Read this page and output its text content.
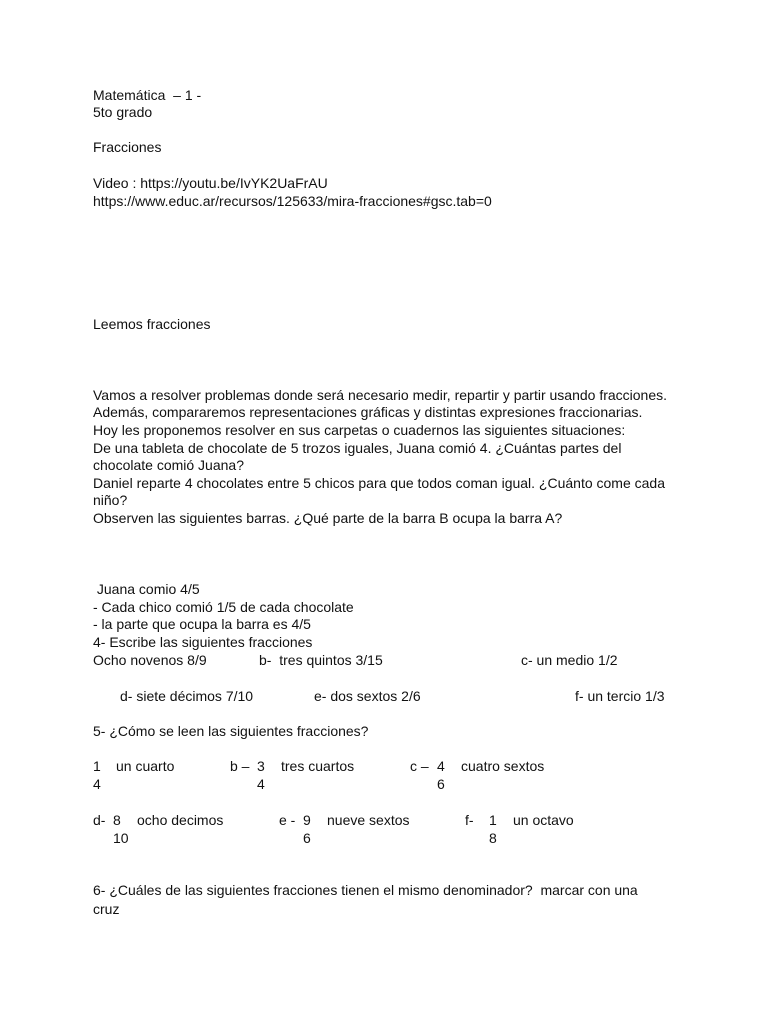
Matemática  – 1 -
5to grado
Fracciones
Video : https://youtu.be/IvYK2UaFrAU
https://www.educ.ar/recursos/125633/mira-fracciones#gsc.tab=0
Leemos fracciones
Vamos a resolver problemas donde será necesario medir, repartir y partir usando fracciones.
Además, compararemos representaciones gráficas y distintas expresiones fraccionarias.
Hoy les proponemos resolver en sus carpetas o cuadernos las siguientes situaciones:
De una tableta de chocolate de 5 trozos iguales, Juana comió 4. ¿Cuántas partes del
chocolate comió Juana?
Daniel reparte 4 chocolates entre 5 chicos para que todos coman igual. ¿Cuánto come cada
niño?
Observen las siguientes barras. ¿Qué parte de la barra B ocupa la barra A?
Juana comio 4/5
- Cada chico comió 1/5 de cada chocolate
- la parte que ocupa la barra es 4/5
4- Escribe las siguientes fracciones
Ocho novenos 8/9	b-  tres quintos 3/15	c- un medio 1/2
d- siete décimos 7/10	e- dos sextos 2/6	f- un tercio 1/3
5- ¿Cómo se leen las siguientes fracciones?
1 un cuarto
4
b – 3 tres cuartos
4
c – 4 cuatro sextos
6
d- 8 ocho decimos
10
e - 9 nueve sextos
6
f- 1 un octavo
8
6- ¿Cuáles de las siguientes fracciones tienen el mismo denominador?  marcar con una
cruz
